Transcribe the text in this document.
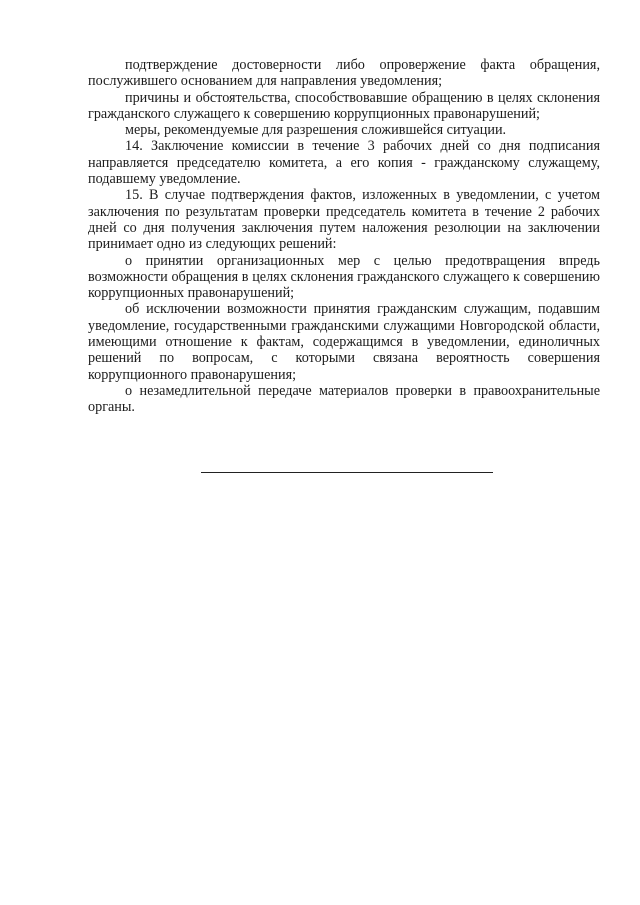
подтверждение достоверности либо опровержение факта обращения, послужившего основанием для направления уведомления;

причины и обстоятельства, способствовавшие обращению в целях склонения гражданского служащего к совершению коррупционных правонарушений;

меры, рекомендуемые для разрешения сложившейся ситуации.

14. Заключение комиссии в течение 3 рабочих дней со дня подписания направляется председателю комитета, а его копия - гражданскому служащему, подавшему уведомление.

15. В случае подтверждения фактов, изложенных в уведомлении, с учетом заключения по результатам проверки председатель комитета в течение 2 рабочих дней со дня получения заключения путем наложения резолюции на заключении принимает одно из следующих решений:

о принятии организационных мер с целью предотвращения впредь возможности обращения в целях склонения гражданского служащего к совершению коррупционных правонарушений;

об исключении возможности принятия гражданским служащим, подавшим уведомление, государственными гражданскими служащими Новгородской области, имеющими отношение к фактам, содержащимся в уведомлении, единоличных решений по вопросам, с которыми связана вероятность совершения коррупционного правонарушения;

о незамедлительной передаче материалов проверки в правоохранительные органы.
